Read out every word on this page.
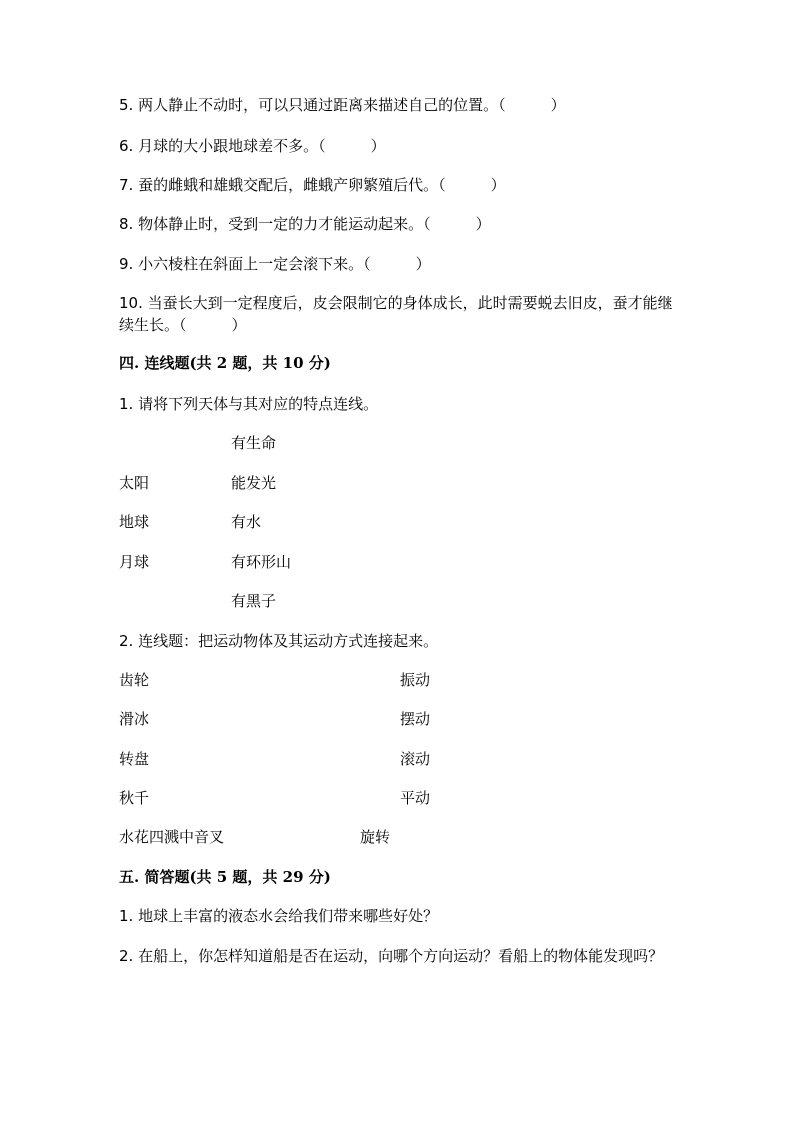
5. 两人静止不动时，可以只通过距离来描述自己的位置。（　　　）

6. 月球的大小跟地球差不多。（　　　）

7. 蚕的雌蛾和雄蛾交配后，雌蛾产卵繁殖后代。（　　　）

8. 物体静止时，受到一定的力才能运动起来。（　　　）

9. 小六棱柱在斜面上一定会滚下来。（　　　）

10. 当蚕长大到一定程度后，皮会限制它的身体成长，此时需要蜕去旧皮，蚕才能继续生长。（　　　）

四. 连线题(共 2 题，共 10 分)

1. 请将下列天体与其对应的特点连线。

有生命
太阳	能发光
地球	有水
月球	有环形山
有黑子

2. 连线题：把运动物体及其运动方式连接起来。

齿轮	振动
滑冰	摆动
转盘	滚动
秋千	平动
水花四溅中音叉	旋转

五. 简答题(共 5 题，共 29 分)

1. 地球上丰富的液态水会给我们带来哪些好处？

2. 在船上，你怎样知道船是否在运动，向哪个方向运动？看船上的物体能发现吗？
